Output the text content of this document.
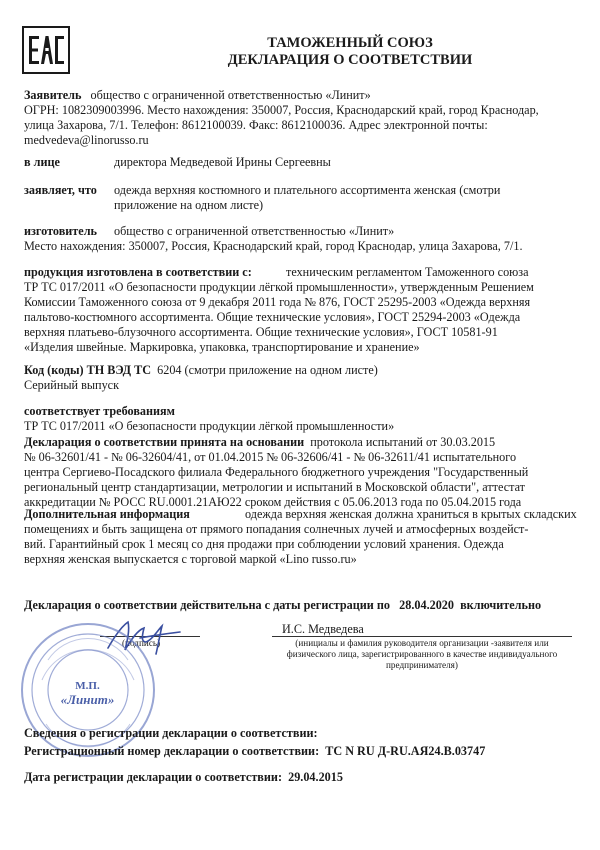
ТАМОЖЕННЫЙ СОЮЗ
ДЕКЛАРАЦИЯ О СООТВЕТСТВИИ

Заявитель общество с ограниченной ответственностью «Линит»

ОГРН: 1082309003996. Место нахождения: 350007, Россия, Краснодарский край, город Краснодар,

улица Захарова, 7/1. Телефон: 8612100039. Факс: 8612100036. Адрес электронной почты:

medvedeva@linorusso.ru

в лице	директора Медведевой Ирины Сергеевны

заявляет, что одежда верхняя костюмного и плательного ассортимента женская (смотри

приложение на одном листе)

изготовитель общество с ограниченной ответственностью «Линит»

Место нахождения: 350007, Россия, Краснодарский край, город Краснодар, улица Захарова, 7/1.

продукция изготовлена в соответствии с:	техническим регламентом Таможенного союза

ТР ТС 017/2011 «О безопасности продукции лёгкой промышленности», утвержденным Решением

Комиссии Таможенного союза от 9 декабря 2011 года № 876, ГОСТ 25295-2003 «Одежда верхняя

пальтово-костюмного ассортимента. Общие технические условия», ГОСТ 25294-2003 «Одежда

верхняя платьево-блузочного ассортимента. Общие технические условия», ГОСТ 10581-91

«Изделия швейные. Маркировка, упаковка, транспортирование и хранение»

Код (коды) ТН ВЭД ТС 6204 (смотри приложение на одном листе)

Серийный выпуск

соответствует требованиям

ТР ТС 017/2011 «О безопасности продукции лёгкой промышленности»

Декларация о соответствии принята на основании протокола испытаний от 30.03.2015

№ 06-32601/41 - № 06-32604/41, от 01.04.2015 № 06-32606/41 - № 06-32611/41 испытательного

центра Сергиево-Посадского филиала Федерального бюджетного учреждения "Государственный

региональный центр стандартизации, метрологии и испытаний в Московской области", аттестат

аккредитации № РОСС RU.0001.21АЮ22 сроком действия с 05.06.2013 года по 05.04.2015 года

Дополнительная информация	одежда верхняя женская должна храниться в крытых складских

помещениях и быть защищена от прямого попадания солнечных лучей и атмосферных воздейст-

вий. Гарантийный срок 1 месяц со дня продажи при соблюдении условий хранения. Одежда

верхняя женская выпускается с торговой маркой «Lino russo.ru»

Декларация о соответствии действительна с даты регистрации по 28.04.2020 включительно

(подпись)
И.С. Медведева
(инициалы и фамилия руководителя организации -заявителя или
физического лица, зарегистрированного в качестве индивидуального
предпринимателя)
М.П.
«Линит»

Сведения о регистрации декларации о соответствии:

Регистрационный номер декларации о соответствии: ТС N RU Д-RU.АЯ24.В.03747

Дата регистрации декларации о соответствии: 29.04.2015
